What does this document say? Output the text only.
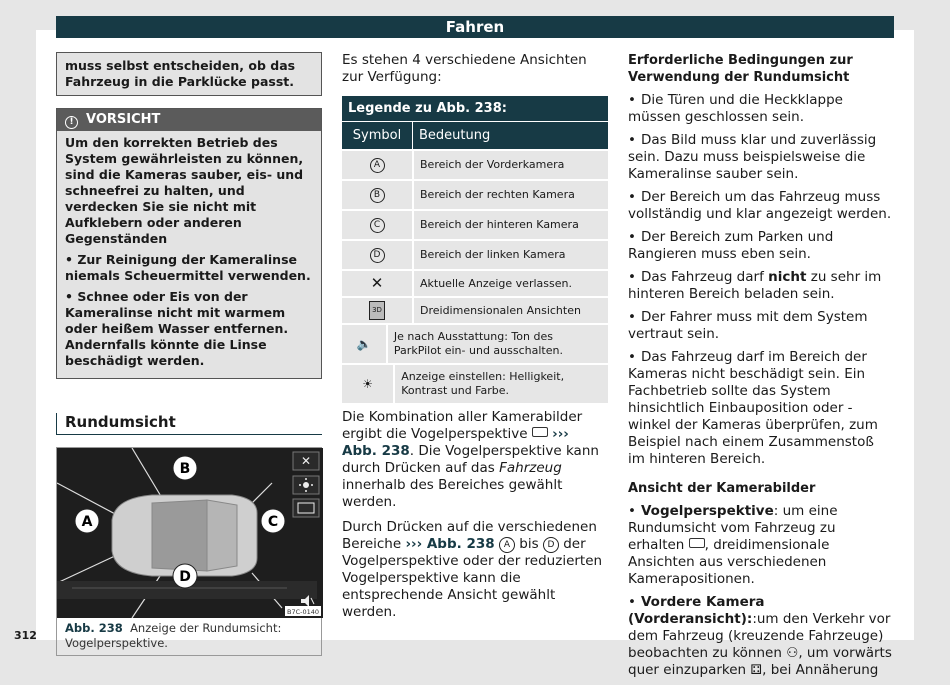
Fahren
muss selbst entscheiden, ob das Fahrzeug in die Parklücke passt.
! VORSICHT

Um den korrekten Betrieb des System gewährleisten zu können, sind die Kameras sauber, eis- und schneefrei zu halten, und verdecken Sie sie nicht mit Aufklebern oder anderen Gegenständen

• Zur Reinigung der Kameralinse niemals Scheuermittel verwenden.

• Schnee oder Eis von der Kameralinse nicht mit warmem oder heißem Wasser entfernen. Andernfalls könnte die Linse beschädigt werden.

Rundumsicht
A
B
C
D
✕
B7C-0140
Abb. 238 Anzeige der Rundumsicht: Vogelperspektive.

Es stehen 4 verschiedene Ansichten zur Verfügung:

Legende zu Abb. 238:
Symbol	Bedeutung
A	Bereich der Vorderkamera
B	Bereich der rechten Kamera
C	Bereich der hinteren Kamera
D	Bereich der linken Kamera
✕	Aktuelle Anzeige verlassen.
3D	Dreidimensionalen Ansichten
🔈	Je nach Ausstattung: Ton des ParkPilot ein- und ausschalten.
☀	Anzeige einstellen: Helligkeit, Kontrast und Farbe.

Die Kombination aller Kamerabilder ergibt die Vogelperspektive ››› Abb. 238. Die Vogelperspektive kann durch Drücken auf das Fahrzeug innerhalb des Bereiches gewählt werden.

Durch Drücken auf die verschiedenen Bereiche ››› Abb. 238 A bis D der Vogelperspektive oder der reduzierten Vogelperspektive kann die entsprechende Ansicht gewählt werden.

Erforderliche Bedingungen zur Verwendung der Rundumsicht
• Die Türen und die Heckklappe müssen geschlossen sein.
• Das Bild muss klar und zuverlässig sein. Dazu muss beispielsweise die Kameralinse sauber sein.
• Der Bereich um das Fahrzeug muss vollständig und klar angezeigt werden.
• Der Bereich zum Parken und Rangieren muss eben sein.
• Das Fahrzeug darf nicht zu sehr im hinteren Bereich beladen sein.
• Der Fahrer muss mit dem System vertraut sein.
• Das Fahrzeug darf im Bereich der Kameras nicht beschädigt sein. Ein Fachbetrieb sollte das System hinsichtlich Einbauposition oder -winkel der Kameras überprüfen, zum Beispiel nach einem Zusammenstoß im hinteren Bereich.
Ansicht der Kamerabilder
• Vogelperspektive: um eine Rundumsicht vom Fahrzeug zu erhalten , dreidimensionale Ansichten aus verschiedenen Kamerapositionen.
• Vordere Kamera (Vorderansicht)::um den Verkehr vor dem Fahrzeug (kreuzende Fahrzeuge) beobachten zu können ⚇, um vorwärts quer einzuparken ⚃, bei Annäherung
312
